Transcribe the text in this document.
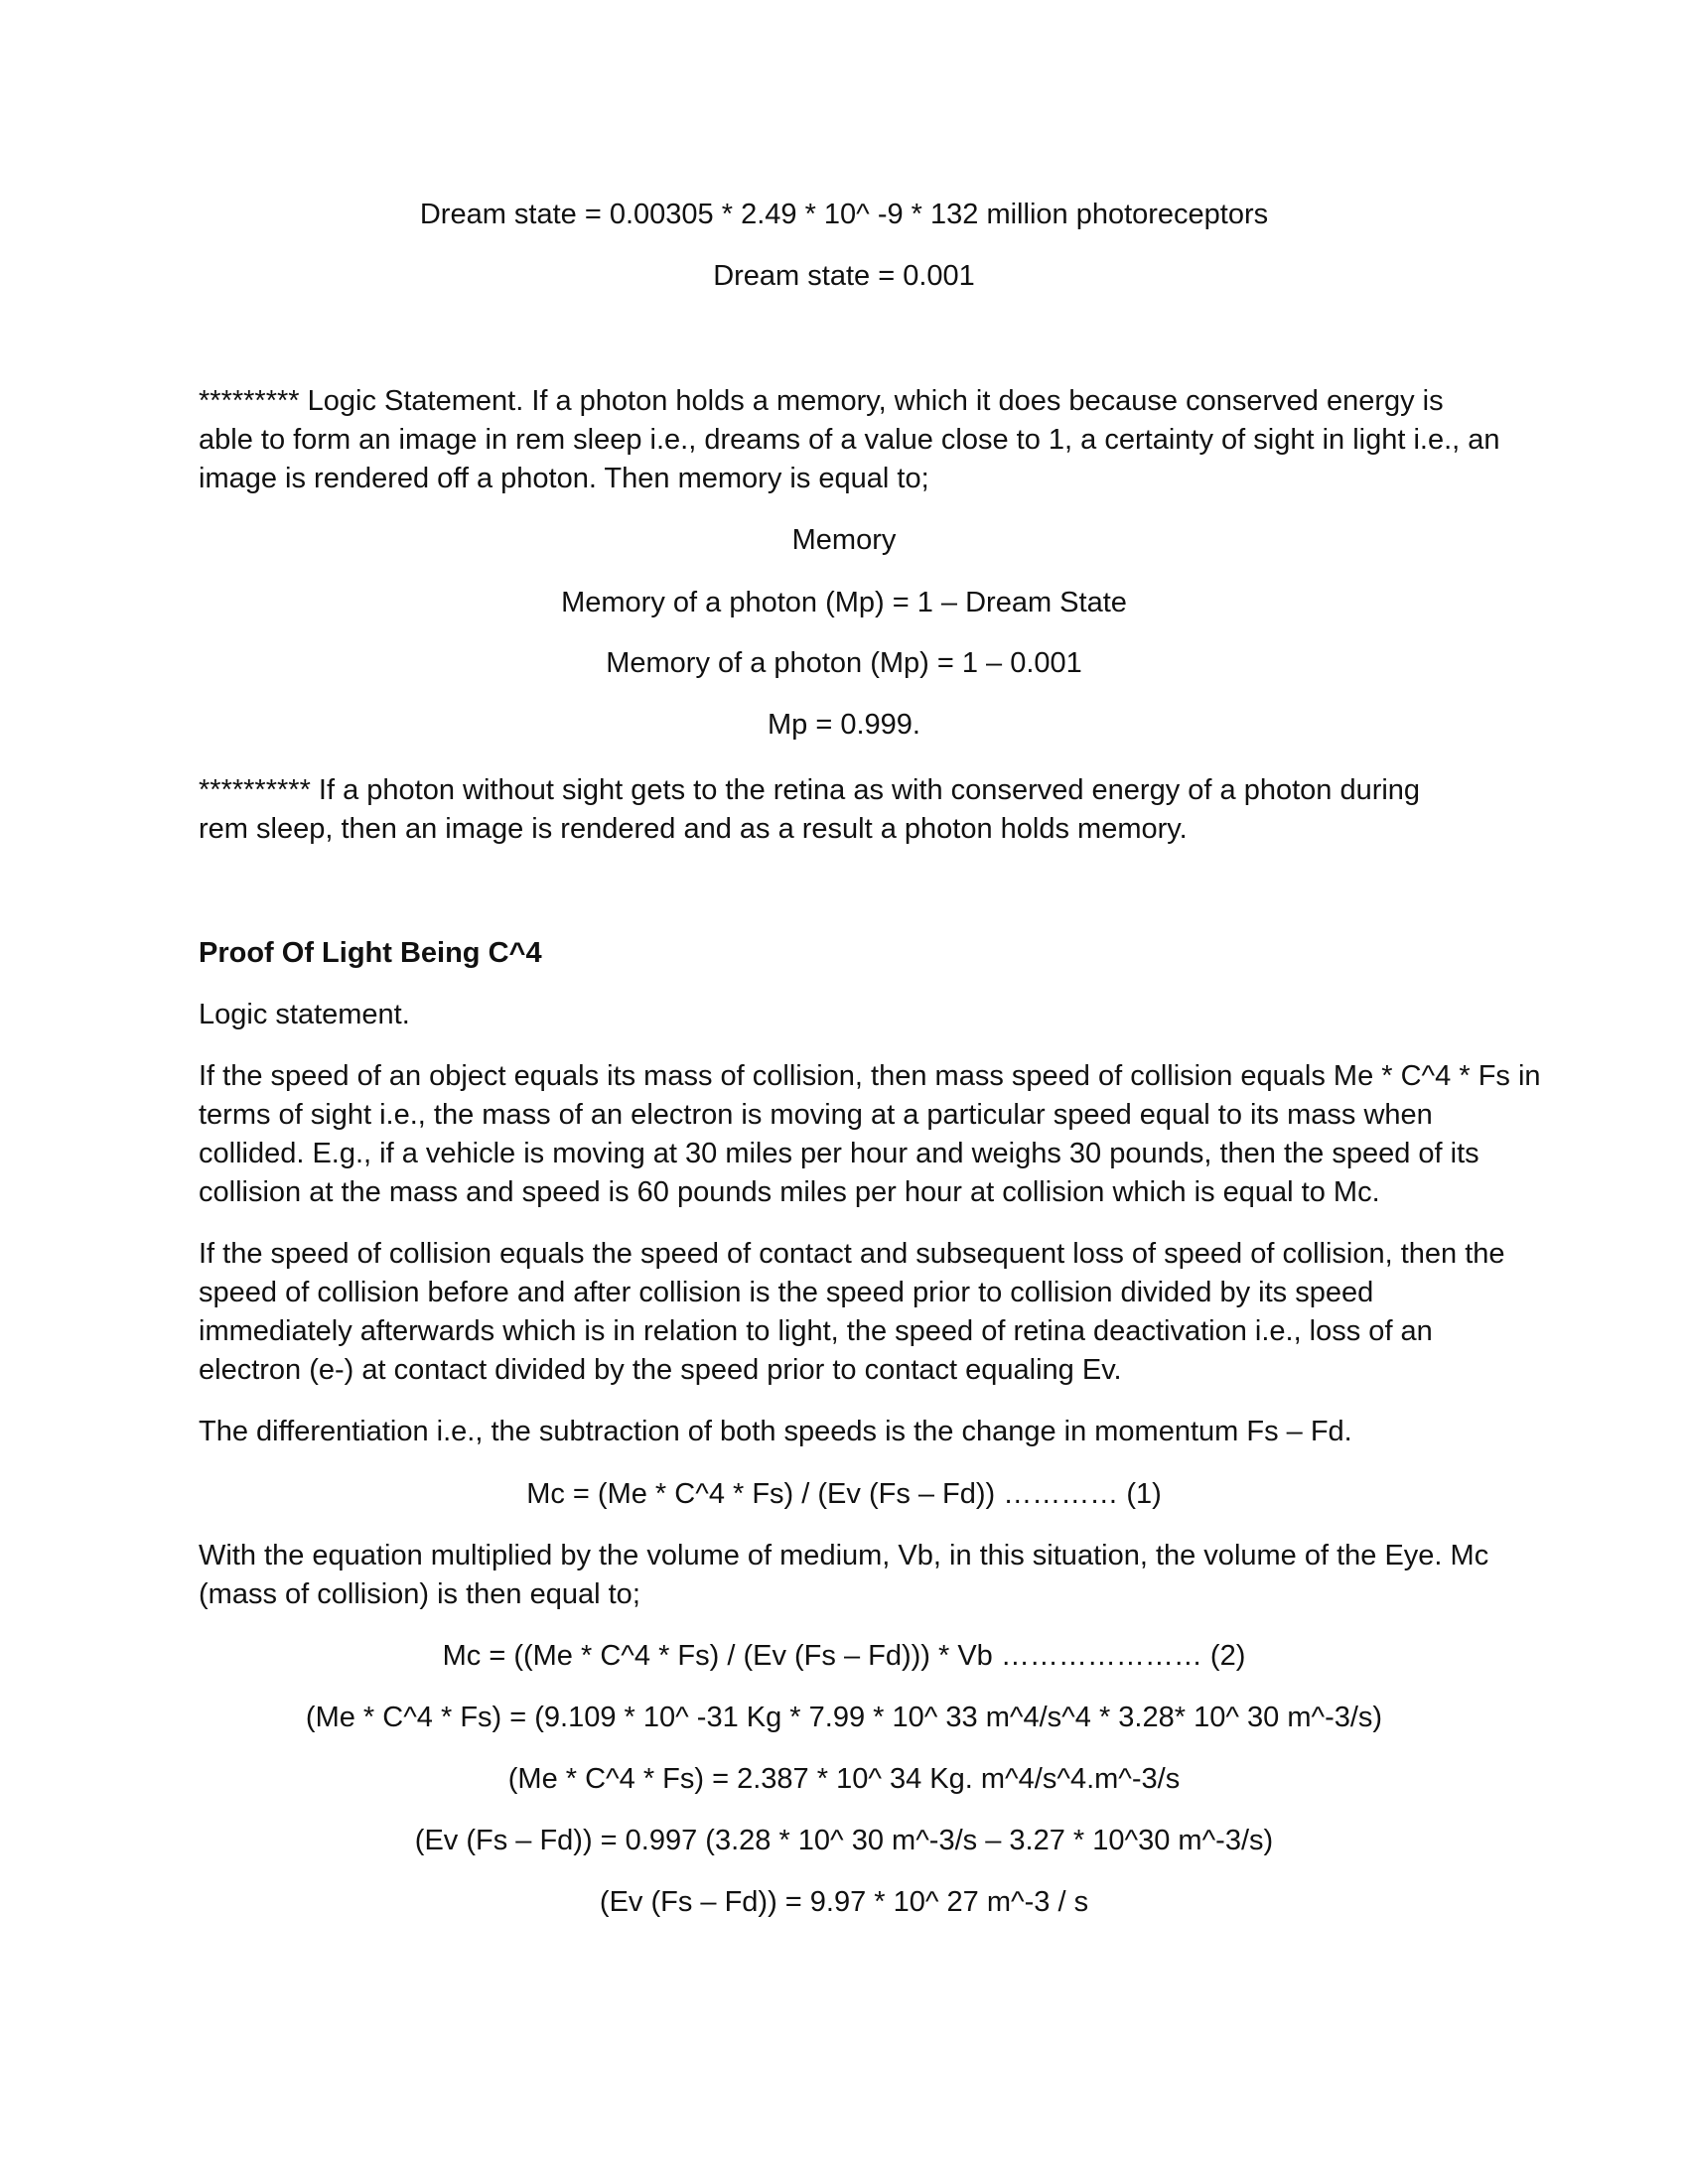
Dream state = 0.00305 * 2.49 * 10^ -9 * 132 million photoreceptors
Dream state = 0.001
********* Logic Statement. If a photon holds a memory, which it does because conserved energy is
able to form an image in rem sleep i.e., dreams of a value close to 1, a certainty of sight in light i.e., an
image is rendered off a photon. Then memory is equal to;
Memory
Memory of a photon (Mp) = 1 – Dream State
Memory of a photon (Mp) = 1 – 0.001
Mp = 0.999.
********** If a photon without sight gets to the retina as with conserved energy of a photon during
rem sleep, then an image is rendered and as a result a photon holds memory.
Proof Of Light Being C^4
Logic statement.
If the speed of an object equals its mass of collision, then mass speed of collision equals Me * C^4 * Fs in
terms of sight i.e., the mass of an electron is moving at a particular speed equal to its mass when
collided. E.g., if a vehicle is moving at 30 miles per hour and weighs 30 pounds, then the speed of its
collision at the mass and speed is 60 pounds miles per hour at collision which is equal to Mc.
If the speed of collision equals the speed of contact and subsequent loss of speed of collision, then the
speed of collision before and after collision is the speed prior to collision divided by its speed
immediately afterwards which is in relation to light, the speed of retina deactivation i.e., loss of an
electron (e-) at contact divided by the speed prior to contact equaling Ev.
The differentiation i.e., the subtraction of both speeds is the change in momentum Fs – Fd.
Mc = (Me * C^4 * Fs) / (Ev (Fs – Fd)) ………… (1)
With the equation multiplied by the volume of medium, Vb, in this situation, the volume of the Eye. Mc
(mass of collision) is then equal to;
Mc = ((Me * C^4 * Fs) / (Ev (Fs – Fd))) * Vb ………………… (2)
(Me * C^4 * Fs) = (9.109 * 10^ -31 Kg * 7.99 * 10^ 33 m^4/s^4 * 3.28* 10^ 30 m^-3/s)
(Me * C^4 * Fs) = 2.387 * 10^ 34 Kg. m^4/s^4.m^-3/s
(Ev (Fs – Fd)) = 0.997 (3.28 * 10^ 30 m^-3/s – 3.27 * 10^30 m^-3/s)
(Ev (Fs – Fd)) = 9.97 * 10^ 27 m^-3 / s
